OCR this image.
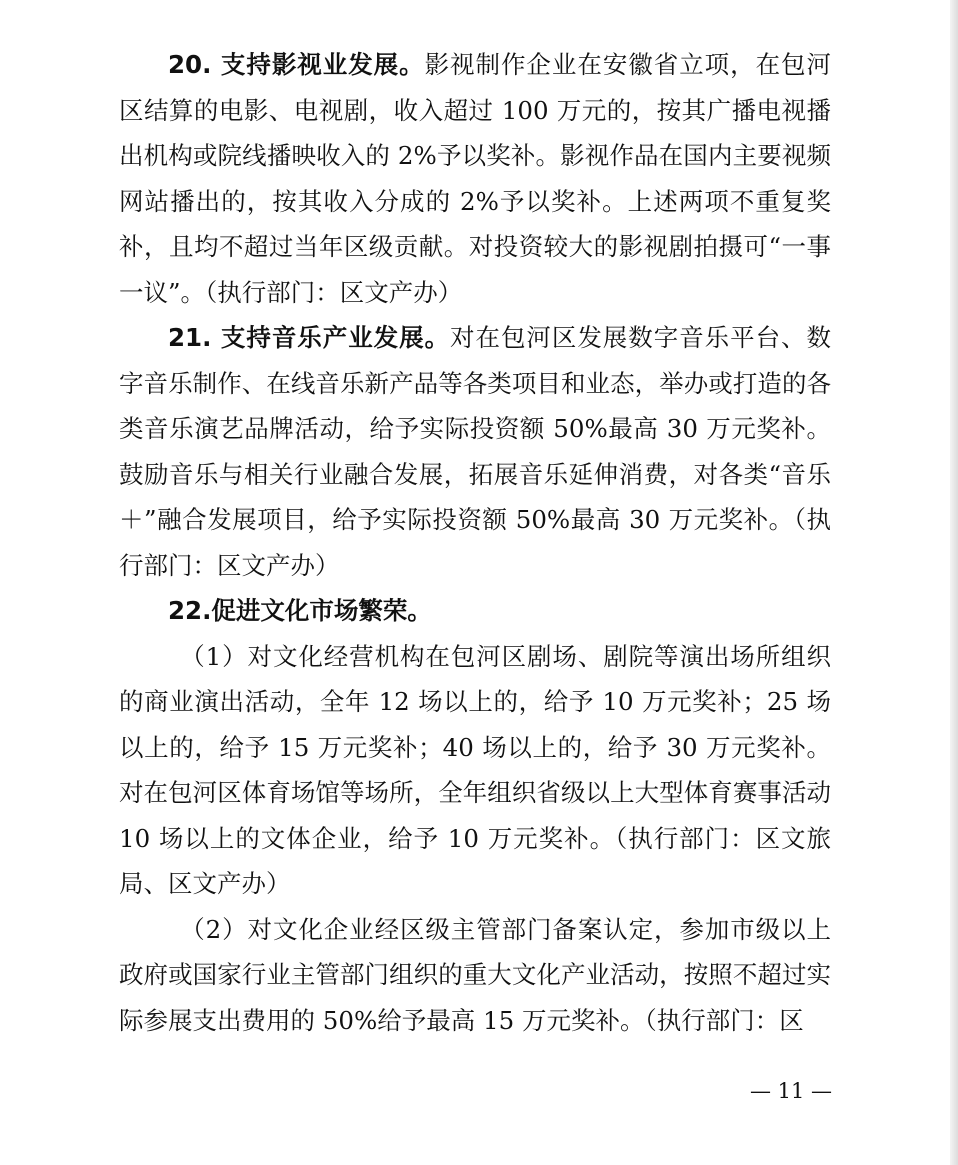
20. 支持影视业发展。影视制作企业在安徽省立项，在包河区结算的电影、电视剧，收入超过 100 万元的，按其广播电视播出机构或院线播映收入的 2%予以奖补。影视作品在国内主要视频网站播出的，按其收入分成的 2%予以奖补。上述两项不重复奖补，且均不超过当年区级贡献。对投资较大的影视剧拍摄可“一事一议”。（执行部门：区文产办）

21. 支持音乐产业发展。对在包河区发展数字音乐平台、数字音乐制作、在线音乐新产品等各类项目和业态，举办或打造的各类音乐演艺品牌活动，给予实际投资额 50%最高 30 万元奖补。鼓励音乐与相关行业融合发展，拓展音乐延伸消费，对各类“音乐＋”融合发展项目，给予实际投资额 50%最高 30 万元奖补。（执行部门：区文产办）

22.促进文化市场繁荣。

（1）对文化经营机构在包河区剧场、剧院等演出场所组织的商业演出活动，全年 12 场以上的，给予 10 万元奖补；25 场以上的，给予 15 万元奖补；40 场以上的，给予 30 万元奖补。对在包河区体育场馆等场所，全年组织省级以上大型体育赛事活动 10 场以上的文体企业，给予 10 万元奖补。（执行部门：区文旅局、区文产办）

（2）对文化企业经区级主管部门备案认定，参加市级以上政府或国家行业主管部门组织的重大文化产业活动，按照不超过实际参展支出费用的 50%给予最高 15 万元奖补。（执行部门：区

— 11 —
